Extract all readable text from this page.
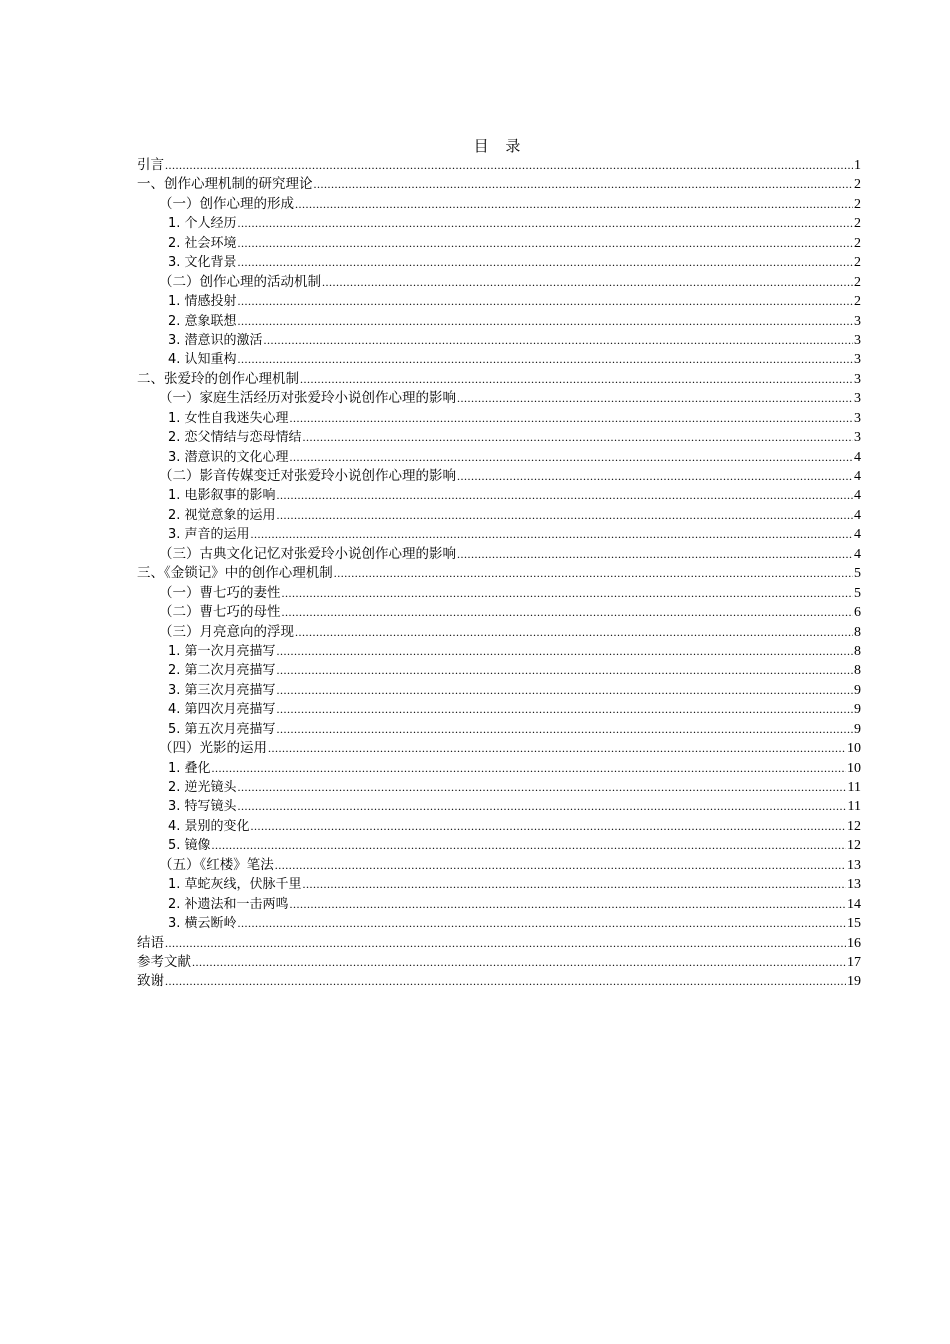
目 录
引言 .....	1
一、创作心理机制的研究理论 .....	2
（一）创作心理的形成 .....	2
1. 个人经历 .....	2
2. 社会环境 .....	2
3. 文化背景 .....	2
（二）创作心理的活动机制 .....	2
1. 情感投射 .....	2
2. 意象联想 .....	3
3. 潜意识的激活 .....	3
4. 认知重构 .....	3
二、张爱玲的创作心理机制 .....	3
（一）家庭生活经历对张爱玲小说创作心理的影响 .....	3
1. 女性自我迷失心理 .....	3
2. 恋父情结与恋母情结 .....	3
3. 潜意识的文化心理 .....	4
（二）影音传媒变迁对张爱玲小说创作心理的影响 .....	4
1. 电影叙事的影响 .....	4
2. 视觉意象的运用 .....	4
3. 声音的运用 .....	4
（三）古典文化记忆对张爱玲小说创作心理的影响 .....	4
三、《金锁记》中的创作心理机制 .....	5
（一）曹七巧的妻性 .....	5
（二）曹七巧的母性 .....	6
（三）月亮意向的浮现 .....	8
1. 第一次月亮描写 .....	8
2. 第二次月亮描写 .....	8
3. 第三次月亮描写 .....	9
4. 第四次月亮描写 .....	9
5. 第五次月亮描写 .....	9
（四）光影的运用 .....	10
1. 叠化 .....	10
2. 逆光镜头 .....	11
3. 特写镜头 .....	11
4. 景别的变化 .....	12
5. 镜像 .....	12
（五）《红楼》笔法 .....	13
1. 草蛇灰线，伏脉千里 .....	13
2. 补遗法和一击两鸣 .....	14
3. 横云断岭 .....	15
结语 .....	16
参考文献 .....	17
致谢 .....	19
